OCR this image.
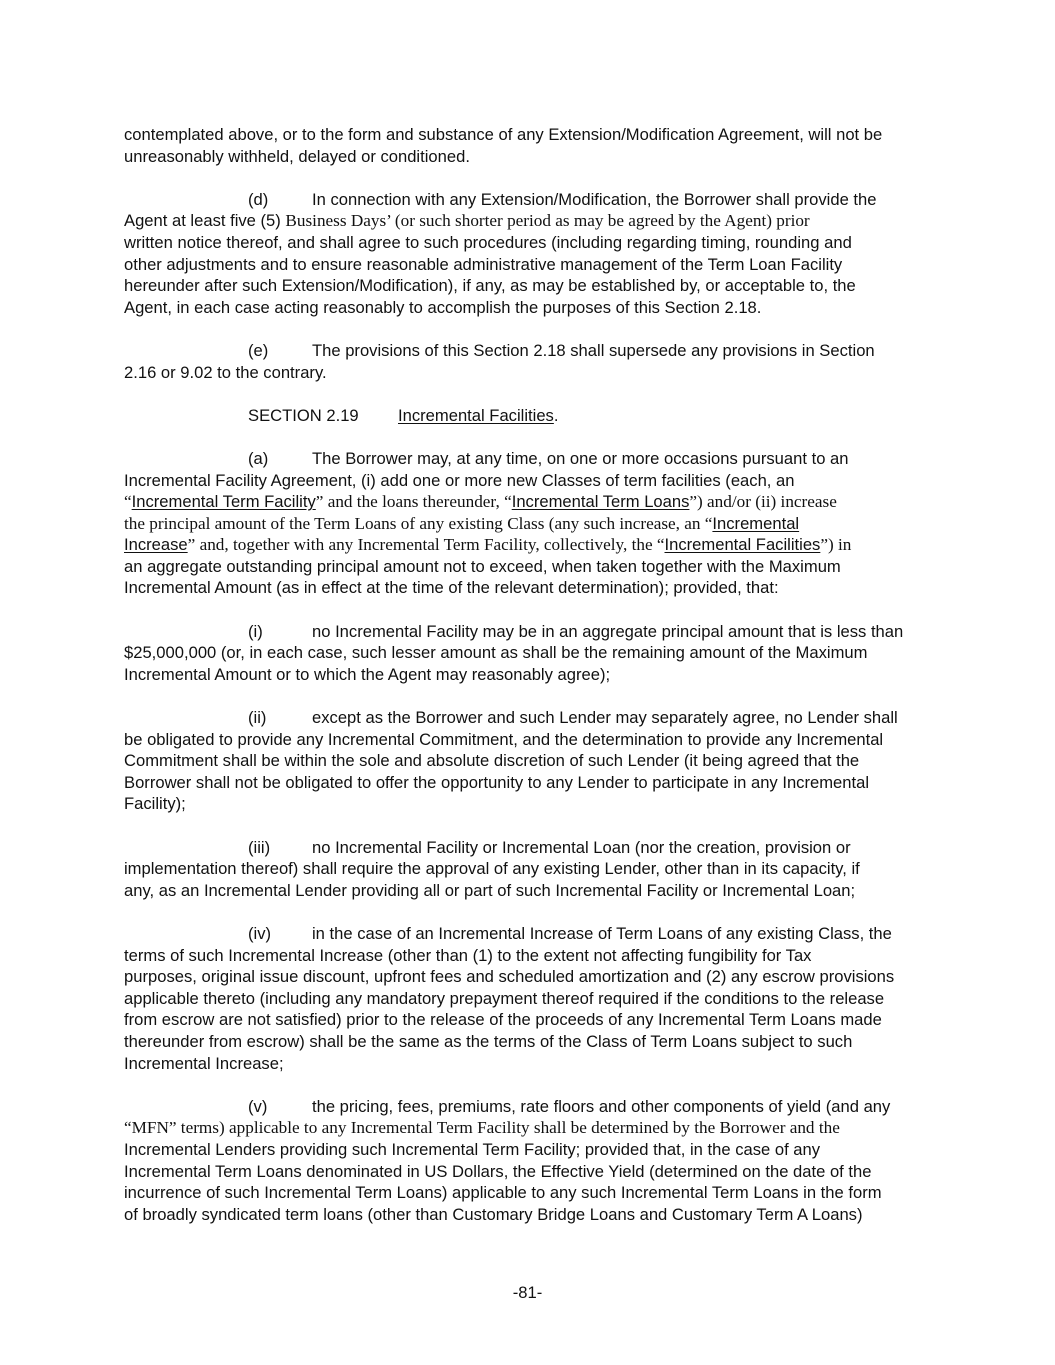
contemplated above, or to the form and substance of any Extension/Modification Agreement, will not be

unreasonably withheld, delayed or conditioned.

(d)	In connection with any Extension/Modification, the Borrower shall provide the

Agent at least five (5) Business Days’ (or such shorter period as may be agreed by the Agent) prior

written notice thereof, and shall agree to such procedures (including regarding timing, rounding and

other adjustments and to ensure reasonable administrative management of the Term Loan Facility

hereunder after such Extension/Modification), if any, as may be established by, or acceptable to, the

Agent, in each case acting reasonably to accomplish the purposes of this Section 2.18.

(e)	The provisions of this Section 2.18 shall supersede any provisions in Section

2.16 or 9.02 to the contrary.

SECTION 2.19 Incremental Facilities.

(a)	The Borrower may, at any time, on one or more occasions pursuant to an

Incremental Facility Agreement, (i) add one or more new Classes of term facilities (each, an

“Incremental Term Facility” and the loans thereunder, “Incremental Term Loans”) and/or (ii) increase

the principal amount of the Term Loans of any existing Class (any such increase, an “Incremental

Increase” and, together with any Incremental Term Facility, collectively, the “Incremental Facilities”) in

an aggregate outstanding principal amount not to exceed, when taken together with the Maximum

Incremental Amount (as in effect at the time of the relevant determination); provided, that:

(i)	no Incremental Facility may be in an aggregate principal amount that is less than

$25,000,000 (or, in each case, such lesser amount as shall be the remaining amount of the Maximum

Incremental Amount or to which the Agent may reasonably agree);

(ii)	except as the Borrower and such Lender may separately agree, no Lender shall

be obligated to provide any Incremental Commitment, and the determination to provide any Incremental

Commitment shall be within the sole and absolute discretion of such Lender (it being agreed that the

Borrower shall not be obligated to offer the opportunity to any Lender to participate in any Incremental

Facility);

(iii)	no Incremental Facility or Incremental Loan (nor the creation, provision or

implementation thereof) shall require the approval of any existing Lender, other than in its capacity, if

any, as an Incremental Lender providing all or part of such Incremental Facility or Incremental Loan;

(iv) in the case of an Incremental Increase of Term Loans of any existing Class, the

terms of such Incremental Increase (other than (1) to the extent not affecting fungibility for Tax

purposes, original issue discount, upfront fees and scheduled amortization and (2) any escrow provisions

applicable thereto (including any mandatory prepayment thereof required if the conditions to the release

from escrow are not satisfied) prior to the release of the proceeds of any Incremental Term Loans made

thereunder from escrow) shall be the same as the terms of the Class of Term Loans subject to such

Incremental Increase;

(v)	the pricing, fees, premiums, rate floors and other components of yield (and any

“MFN” terms) applicable to any Incremental Term Facility shall be determined by the Borrower and the

Incremental Lenders providing such Incremental Term Facility; provided that, in the case of any

Incremental Term Loans denominated in US Dollars, the Effective Yield (determined on the date of the

incurrence of such Incremental Term Loans) applicable to any such Incremental Term Loans in the form

of broadly syndicated term loans (other than Customary Bridge Loans and Customary Term A Loans)

-81-
